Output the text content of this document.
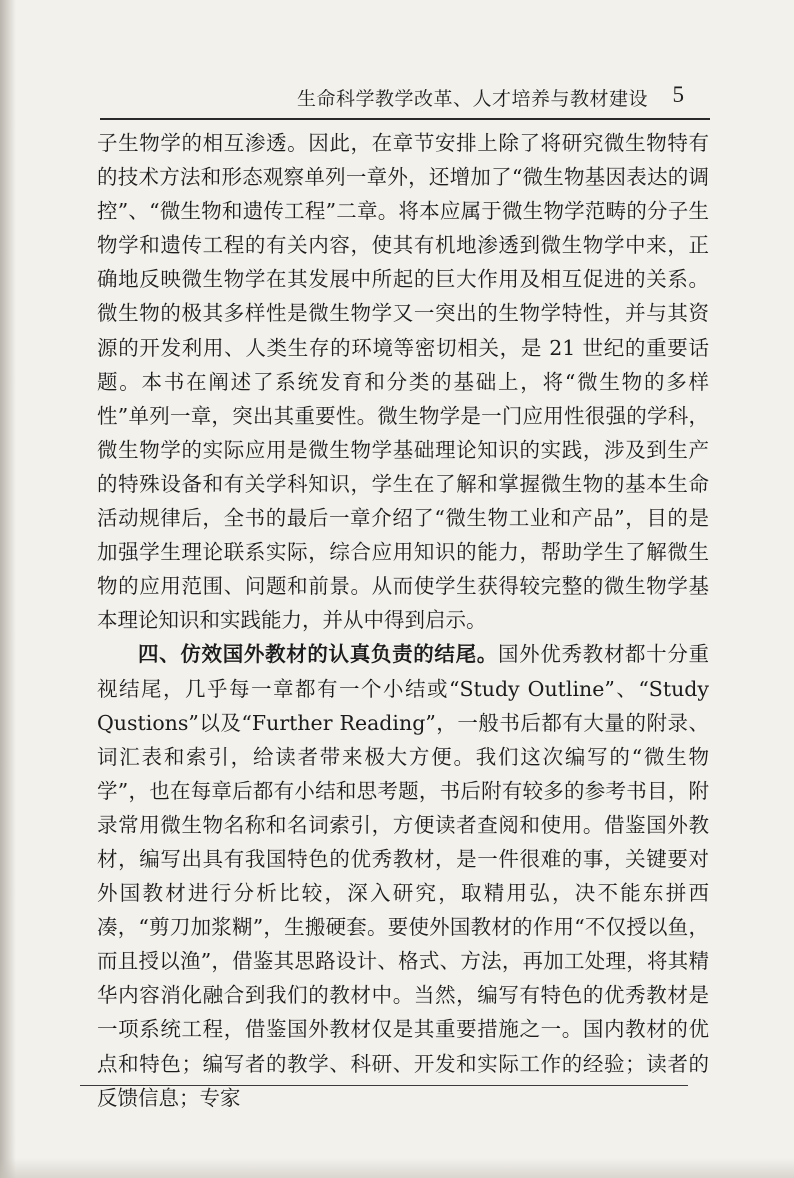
生命科学教学改革、人才培养与教材建设 5

子生物学的相互渗透。因此，在章节安排上除了将研究微生物特有的技术方法和形态观察单列一章外，还增加了“微生物基因表达的调控”、“微生物和遗传工程”二章。将本应属于微生物学范畴的分子生物学和遗传工程的有关内容，使其有机地渗透到微生物学中来，正确地反映微生物学在其发展中所起的巨大作用及相互促进的关系。微生物的极其多样性是微生物学又一突出的生物学特性，并与其资源的开发利用、人类生存的环境等密切相关，是 21 世纪的重要话题。本书在阐述了系统发育和分类的基础上，将“微生物的多样性”单列一章，突出其重要性。微生物学是一门应用性很强的学科，微生物学的实际应用是微生物学基础理论知识的实践，涉及到生产的特殊设备和有关学科知识，学生在了解和掌握微生物的基本生命活动规律后，全书的最后一章介绍了“微生物工业和产品”，目的是加强学生理论联系实际，综合应用知识的能力，帮助学生了解微生物的应用范围、问题和前景。从而使学生获得较完整的微生物学基本理论知识和实践能力，并从中得到启示。

四、仿效国外教材的认真负责的结尾。国外优秀教材都十分重视结尾，几乎每一章都有一个小结或“Study Outline”、“Study Qustions”以及“Further Reading”，一般书后都有大量的附录、词汇表和索引，给读者带来极大方便。我们这次编写的“微生物学”，也在每章后都有小结和思考题，书后附有较多的参考书目，附录常用微生物名称和名词索引，方便读者查阅和使用。借鉴国外教材，编写出具有我国特色的优秀教材，是一件很难的事，关键要对外国教材进行分析比较，深入研究，取精用弘，决不能东拼西凑，“剪刀加浆糊”，生搬硬套。要使外国教材的作用“不仅授以鱼，而且授以渔”，借鉴其思路设计、格式、方法，再加工处理，将其精华内容消化融合到我们的教材中。当然，编写有特色的优秀教材是一项系统工程，借鉴国外教材仅是其重要措施之一。国内教材的优点和特色；编写者的教学、科研、开发和实际工作的经验；读者的反馈信息；专家
